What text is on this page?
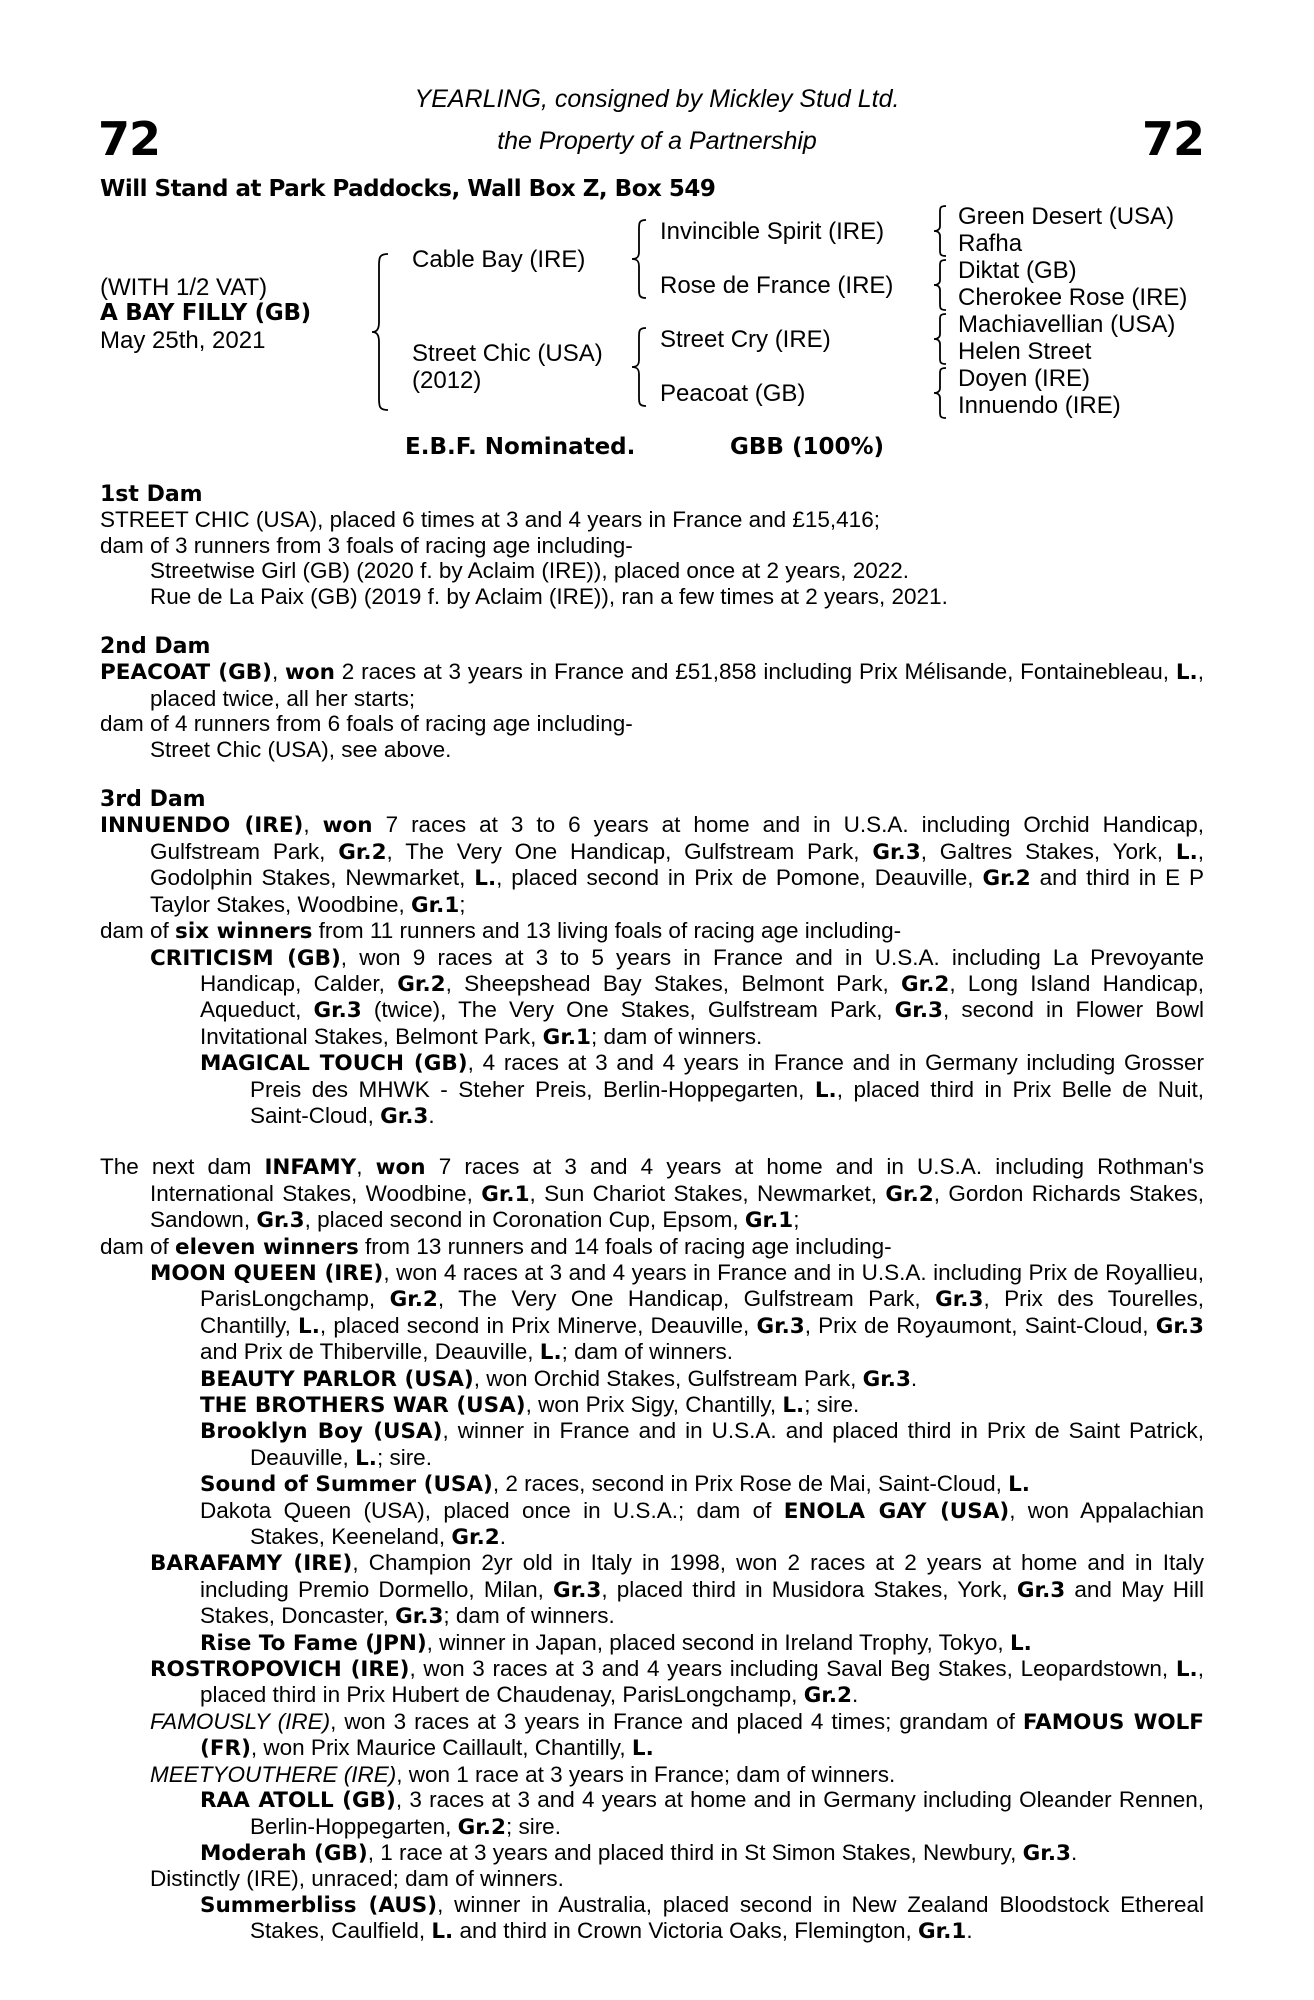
72	72
YEARLING, consigned by Mickley Stud Ltd.
the Property of a Partnership
Will Stand at Park Paddocks, Wall Box Z, Box 549
(WITH 1/2 VAT)
A BAY FILLY (GB)
May 25th, 2021
Cable Bay (IRE)
Street Chic (USA)
(2012)
Invincible Spirit (IRE)
Rose de France (IRE)
Street Cry (IRE)
Peacoat (GB)
Green Desert (USA)
Rafha
Diktat (GB)
Cherokee Rose (IRE)
Machiavellian (USA)
Helen Street
Doyen (IRE)
Innuendo (IRE)
E.B.F. Nominated.	GBB (100%)
1st Dam

STREET CHIC (USA), placed 6 times at 3 and 4 years in France and £15,416;

dam of 3 runners from 3 foals of racing age including-

Streetwise Girl (GB) (2020 f. by Aclaim (IRE)), placed once at 2 years, 2022.

Rue de La Paix (GB) (2019 f. by Aclaim (IRE)), ran a few times at 2 years, 2021.

2nd Dam

PEACOAT (GB), won 2 races at 3 years in France and £51,858 including Prix Mélisande, Fontainebleau, L., placed twice, all her starts;

dam of 4 runners from 6 foals of racing age including-

Street Chic (USA), see above.

3rd Dam

INNUENDO (IRE), won 7 races at 3 to 6 years at home and in U.S.A. including Orchid Handicap, Gulfstream Park, Gr.2, The Very One Handicap, Gulfstream Park, Gr.3, Galtres Stakes, York, L., Godolphin Stakes, Newmarket, L., placed second in Prix de Pomone, Deauville, Gr.2 and third in E P Taylor Stakes, Woodbine, Gr.1;

dam of six winners from 11 runners and 13 living foals of racing age including-

CRITICISM (GB), won 9 races at 3 to 5 years in France and in U.S.A. including La Prevoyante Handicap, Calder, Gr.2, Sheepshead Bay Stakes, Belmont Park, Gr.2, Long Island Handicap, Aqueduct, Gr.3 (twice), The Very One Stakes, Gulfstream Park, Gr.3, second in Flower Bowl Invitational Stakes, Belmont Park, Gr.1; dam of winners.

MAGICAL TOUCH (GB), 4 races at 3 and 4 years in France and in Germany including Grosser Preis des MHWK - Steher Preis, Berlin-Hoppegarten, L., placed third in Prix Belle de Nuit, Saint-Cloud, Gr.3.

The next dam INFAMY, won 7 races at 3 and 4 years at home and in U.S.A. including Rothman's International Stakes, Woodbine, Gr.1, Sun Chariot Stakes, Newmarket, Gr.2, Gordon Richards Stakes, Sandown, Gr.3, placed second in Coronation Cup, Epsom, Gr.1;

dam of eleven winners from 13 runners and 14 foals of racing age including-

MOON QUEEN (IRE), won 4 races at 3 and 4 years in France and in U.S.A. including Prix de Royallieu, ParisLongchamp, Gr.2, The Very One Handicap, Gulfstream Park, Gr.3, Prix des Tourelles, Chantilly, L., placed second in Prix Minerve, Deauville, Gr.3, Prix de Royaumont, Saint-Cloud, Gr.3 and Prix de Thiberville, Deauville, L.; dam of winners.

BEAUTY PARLOR (USA), won Orchid Stakes, Gulfstream Park, Gr.3.

THE BROTHERS WAR (USA), won Prix Sigy, Chantilly, L.; sire.

Brooklyn Boy (USA), winner in France and in U.S.A. and placed third in Prix de Saint Patrick, Deauville, L.; sire.

Sound of Summer (USA), 2 races, second in Prix Rose de Mai, Saint-Cloud, L.

Dakota Queen (USA), placed once in U.S.A.; dam of ENOLA GAY (USA), won Appalachian Stakes, Keeneland, Gr.2.

BARAFAMY (IRE), Champion 2yr old in Italy in 1998, won 2 races at 2 years at home and in Italy including Premio Dormello, Milan, Gr.3, placed third in Musidora Stakes, York, Gr.3 and May Hill Stakes, Doncaster, Gr.3; dam of winners.

Rise To Fame (JPN), winner in Japan, placed second in Ireland Trophy, Tokyo, L.

ROSTROPOVICH (IRE), won 3 races at 3 and 4 years including Saval Beg Stakes, Leopardstown, L., placed third in Prix Hubert de Chaudenay, ParisLongchamp, Gr.2.

FAMOUSLY (IRE), won 3 races at 3 years in France and placed 4 times; grandam of FAMOUS WOLF (FR), won Prix Maurice Caillault, Chantilly, L.

MEETYOUTHERE (IRE), won 1 race at 3 years in France; dam of winners.

RAA ATOLL (GB), 3 races at 3 and 4 years at home and in Germany including Oleander Rennen, Berlin-Hoppegarten, Gr.2; sire.

Moderah (GB), 1 race at 3 years and placed third in St Simon Stakes, Newbury, Gr.3.

Distinctly (IRE), unraced; dam of winners.

Summerbliss (AUS), winner in Australia, placed second in New Zealand Bloodstock Ethereal Stakes, Caulfield, L. and third in Crown Victoria Oaks, Flemington, Gr.1.
